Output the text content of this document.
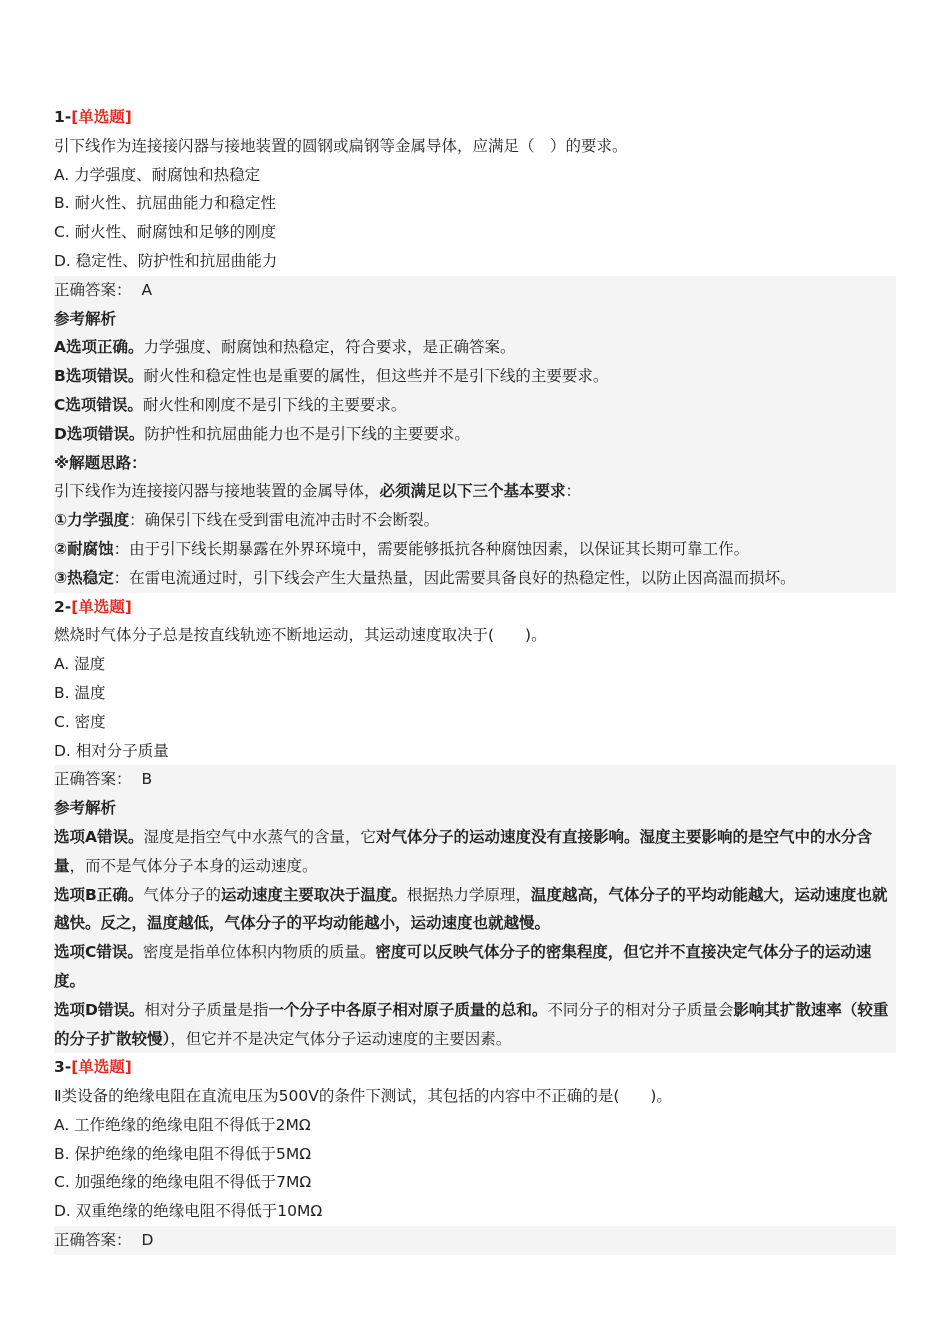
1-[单选题]
引下线作为连接接闪器与接地装置的圆钢或扁钢等金属导体，应满足（　）的要求。
A. 力学强度、耐腐蚀和热稳定
B. 耐火性、抗屈曲能力和稳定性
C. 耐火性、耐腐蚀和足够的刚度
D. 稳定性、防护性和抗屈曲能力
正确答案： A
参考解析
A选项正确。力学强度、耐腐蚀和热稳定，符合要求，是正确答案。
B选项错误。耐火性和稳定性也是重要的属性，但这些并不是引下线的主要要求。
C选项错误。耐火性和刚度不是引下线的主要要求。
D选项错误。防护性和抗屈曲能力也不是引下线的主要要求。
※解题思路：
引下线作为连接接闪器与接地装置的金属导体，必须满足以下三个基本要求：
①力学强度：确保引下线在受到雷电流冲击时不会断裂。
②耐腐蚀：由于引下线长期暴露在外界环境中，需要能够抵抗各种腐蚀因素，以保证其长期可靠工作。
③热稳定：在雷电流通过时，引下线会产生大量热量，因此需要具备良好的热稳定性，以防止因高温而损坏。
2-[单选题]
燃烧时气体分子总是按直线轨迹不断地运动，其运动速度取决于(　　)。
A. 湿度
B. 温度
C. 密度
D. 相对分子质量
正确答案： B
参考解析
选项A错误。湿度是指空气中水蒸气的含量，它对气体分子的运动速度没有直接影响。湿度主要影响的是空气中的水分含量，而不是气体分子本身的运动速度。
选项B正确。气体分子的运动速度主要取决于温度。根据热力学原理，温度越高，气体分子的平均动能越大，运动速度也就越快。反之，温度越低，气体分子的平均动能越小，运动速度也就越慢。
选项C错误。密度是指单位体积内物质的质量。密度可以反映气体分子的密集程度，但它并不直接决定气体分子的运动速度。
选项D错误。相对分子质量是指一个分子中各原子相对原子质量的总和。不同分子的相对分子质量会影响其扩散速率（较重的分子扩散较慢），但它并不是决定气体分子运动速度的主要因素。
3-[单选题]
Ⅱ类设备的绝缘电阻在直流电压为500V的条件下测试，其包括的内容中不正确的是(　　)。
A. 工作绝缘的绝缘电阻不得低于2MΩ
B. 保护绝缘的绝缘电阻不得低于5MΩ
C. 加强绝缘的绝缘电阻不得低于7MΩ
D. 双重绝缘的绝缘电阻不得低于10MΩ
正确答案： D
